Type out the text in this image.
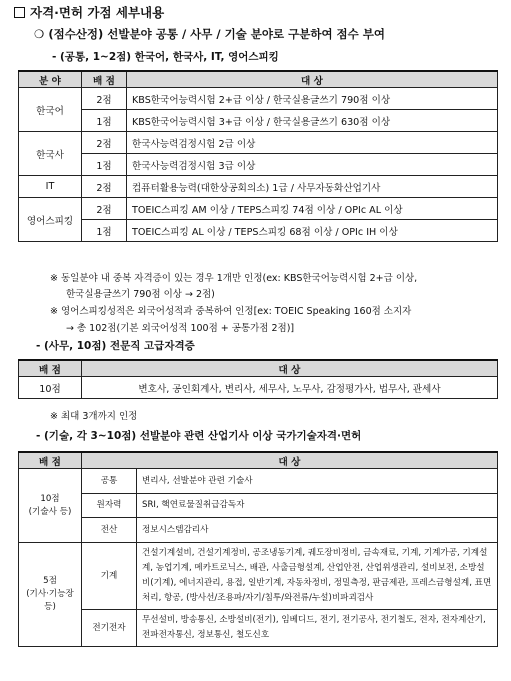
자격·면허 가점 세부내용
❍ (점수산정) 선발분야 공통 / 사무 / 기술 분야로 구분하여 점수 부여
- (공통, 1~2점) 한국어, 한국사, IT, 영어스피킹
분 야	배 점	대 상
한국어	2점	KBS한국어능력시험 2+급 이상 / 한국실용글쓰기 790점 이상
	1점	KBS한국어능력시험 3+급 이상 / 한국실용글쓰기 630점 이상
한국사	2점	한국사능력검정시험 2급 이상
	1점	한국사능력검정시험 3급 이상
IT	2점	컴퓨터활용능력(대한상공회의소) 1급 / 사무자동화산업기사
영어스피킹	2점	TOEIC스피킹 AM 이상 / TEPS스피킹 74점 이상 / OPIc AL 이상
	1점	TOEIC스피킹 AL 이상 / TEPS스피킹 68점 이상 / OPIc IH 이상
※ 동일분야 내 중복 자격증이 있는 경우 1개만 인정(ex: KBS한국어능력시험 2+급 이상,
한국실용글쓰기 790점 이상 → 2점)
※ 영어스피킹성적은 외국어성적과 중복하여 인정[ex: TOEIC Speaking 160점 소지자
→ 총 102점(기본 외국어성적 100점 + 공통가점 2점)]
- (사무, 10점) 전문직 고급자격증
배 점	대 상
10점	변호사, 공인회계사, 변리사, 세무사, 노무사, 감정평가사, 법무사, 관세사
※ 최대 3개까지 인정
- (기술, 각 3~10점) 선발분야 관련 산업기사 이상 국가기술자격·면허
배 점	대 상	
10점
(기술사 등)	공통	변리사, 선발분야 관련 기술사
	원자력	SRI, 핵연료물질취급감독자
	전산	정보시스템감리사
5점
(기사·기능장
등)	기계	건설기계설비, 건설기계정비, 공조냉동기계, 궤도장비정비, 금속재료, 기계, 기계가공, 기계설계, 농업기계, 메카트로닉스, 배관, 사출금형설계, 산업안전, 산업위생관리, 설비보전, 소방설비(기계), 에너지관리, 용접, 일반기계, 자동차정비, 정밀측정, 판금제관, 프레스금형설계, 표면처리, 항공, (방사선/조용파/자기/침투/와전류/누설)비파괴검사
	전기전자	무선설비, 방송통신, 소방설비(전기), 임베디드, 전기, 전기공사, 전기철도, 전자, 전자계산기, 전파전자통신, 정보통신, 철도신호
